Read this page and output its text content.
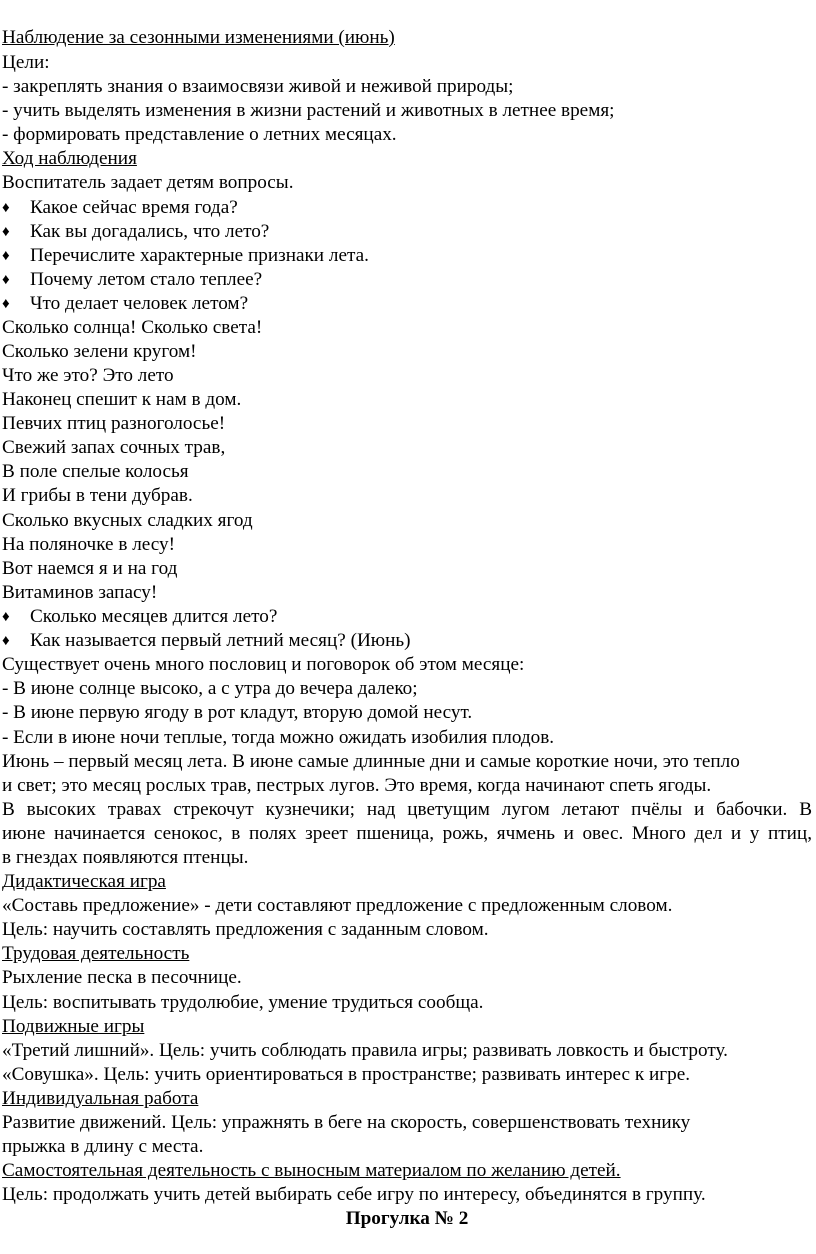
Наблюдение за сезонными изменениями (июнь)
Цели:
- закреплять знания о взаимосвязи живой и неживой природы;
- учить выделять изменения в жизни растений и животных в летнее время;
- формировать представление о летних месяцах.
Ход наблюдения
Воспитатель задает детям вопросы.
♦ Какое сейчас время года?
♦ Как вы догадались, что лето?
♦ Перечислите характерные признаки лета.
♦ Почему летом стало теплее?
♦ Что делает человек летом?
Сколько солнца! Сколько света!
Сколько зелени кругом!
Что же это? Это лето
Наконец спешит к нам в дом.
Певчих птиц разноголосье!
Свежий запах сочных трав,
В поле спелые колосья
И грибы в тени дубрав.
Сколько вкусных сладких ягод
На поляночке в лесу!
Вот наемся я и на год
Витаминов запасу!
♦ Сколько месяцев длится лето?
♦ Как называется первый летний месяц? (Июнь)
Существует очень много пословиц и поговорок об этом месяце:
- В июне солнце высоко, а с утра до вечера далеко;
- В июне первую ягоду в рот кладут, вторую домой несут.
- Если в июне ночи теплые, тогда можно ожидать изобилия плодов.
Июнь – первый месяц лета. В июне самые длинные дни и самые короткие ночи, это тепло
и свет; это месяц рослых трав, пестрых лугов. Это время, когда начинают спеть ягоды.
В высоких травах стрекочут кузнечики; над цветущим лугом летают пчёлы и бабочки. В
июне начинается сенокос, в полях зреет пшеница, рожь, ячмень и овес. Много дел и у птиц,
в гнездах появляются птенцы.
Дидактическая игра
«Составь предложение» - дети составляют предложение с предложенным словом.
Цель: научить составлять предложения с заданным словом.
Трудовая деятельность
Рыхление песка в песочнице.
Цель: воспитывать трудолюбие, умение трудиться сообща.
Подвижные игры
«Третий лишний». Цель: учить соблюдать правила игры; развивать ловкость и быстроту.
«Совушка». Цель: учить ориентироваться в пространстве; развивать интерес к игре.
Индивидуальная работа
Развитие движений. Цель: упражнять в беге на скорость, совершенствовать технику
прыжка в длину с места.
Самостоятельная деятельность с выносным материалом по желанию детей.
Цель: продолжать учить детей выбирать себе игру по интересу, объединятся в группу.
Прогулка № 2
